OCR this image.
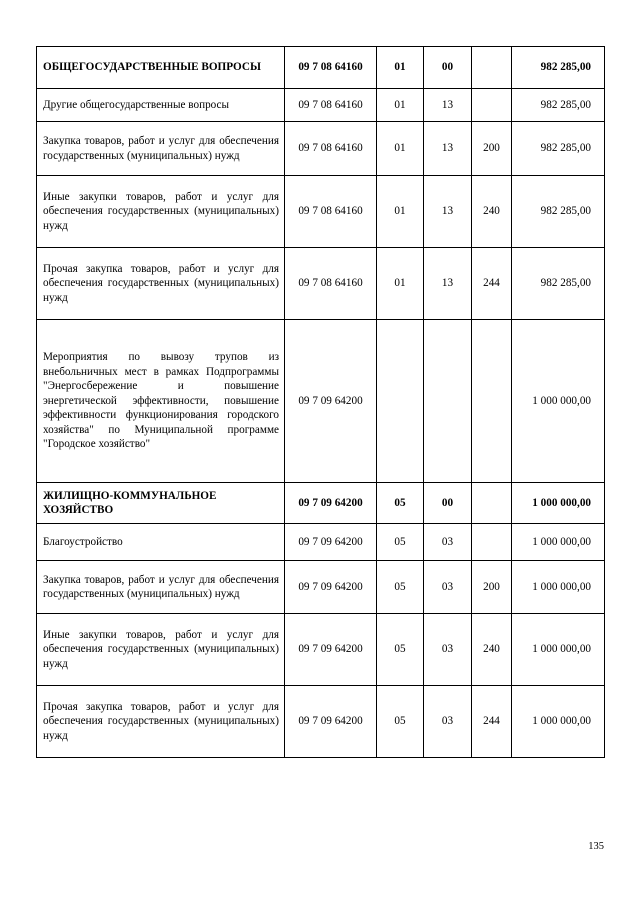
ОБЩЕГОСУДАРСТВЕННЫЕ ВОПРОСЫ	09 7 08 64160	01	00		982 285,00
Другие общегосударственные вопросы	09 7 08 64160	01	13		982 285,00
Закупка товаров, работ и услуг для обеспечения государственных (муниципальных) нужд	09 7 08 64160	01	13	200	982 285,00
Иные закупки товаров, работ и услуг для обеспечения государственных (муниципальных) нужд	09 7 08 64160	01	13	240	982 285,00
Прочая закупка товаров, работ и услуг для обеспечения государственных (муниципальных) нужд	09 7 08 64160	01	13	244	982 285,00
Мероприятия по вывозу трупов из внебольничных мест в рамках Подпрограммы "Энергосбережение и повышение энергетической эффективности, повышение эффективности функционирования городского хозяйства" по Муниципальной программе "Городское хозяйство"	09 7 09 64200				1 000 000,00
ЖИЛИЩНО-КОММУНАЛЬНОЕ ХОЗЯЙСТВО	09 7 09 64200	05	00		1 000 000,00
Благоустройство	09 7 09 64200	05	03		1 000 000,00
Закупка товаров, работ и услуг для обеспечения государственных (муниципальных) нужд	09 7 09 64200	05	03	200	1 000 000,00
Иные закупки товаров, работ и услуг для обеспечения государственных (муниципальных) нужд	09 7 09 64200	05	03	240	1 000 000,00
Прочая закупка товаров, работ и услуг для обеспечения государственных (муниципальных) нужд	09 7 09 64200	05	03	244	1 000 000,00
135
